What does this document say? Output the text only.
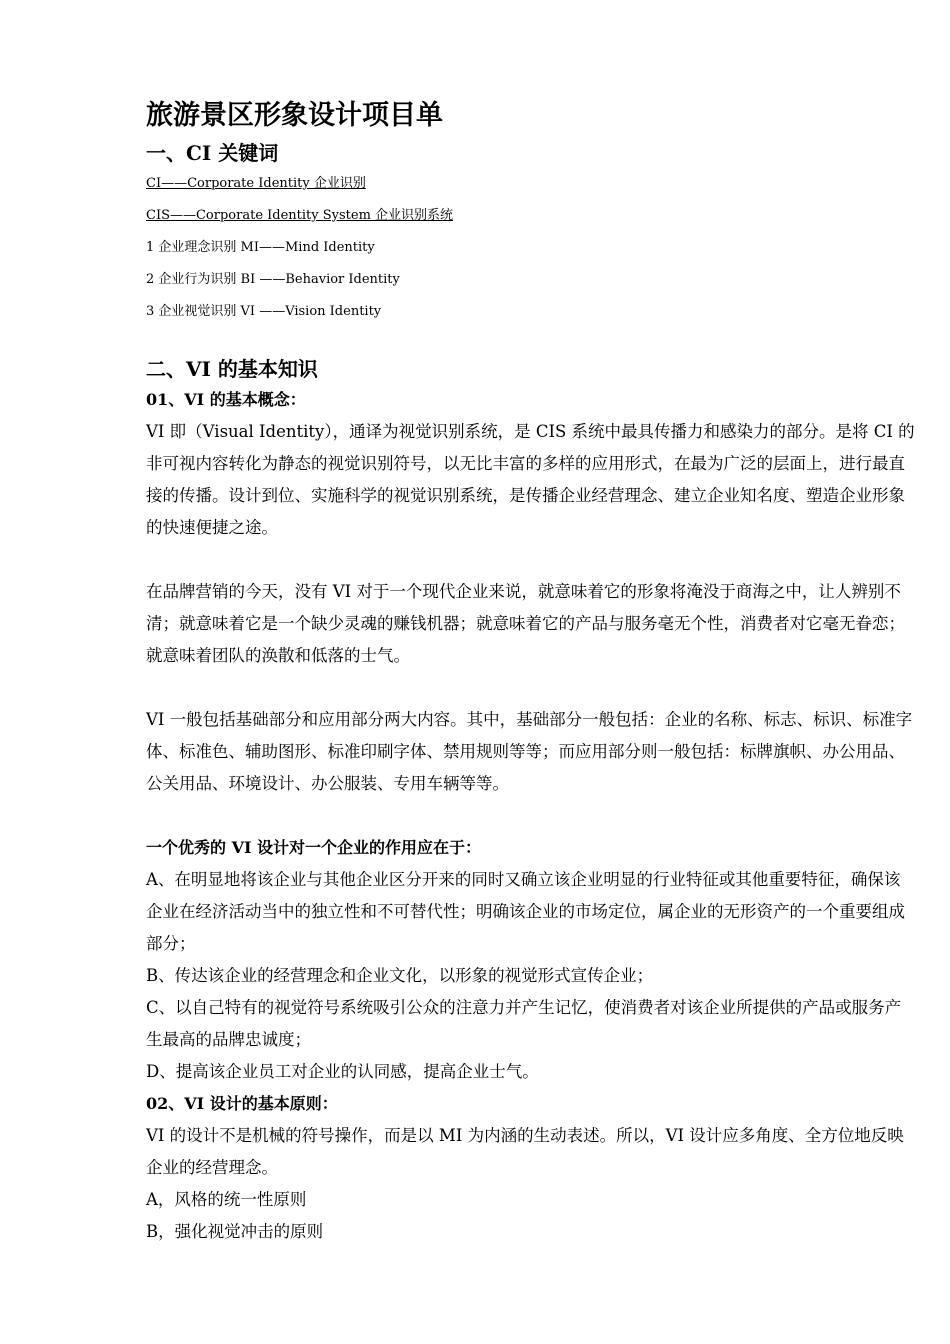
旅游景区形象设计项目单
一、CI 关键词

CI——Corporate Identity 企业识别

CIS——Corporate Identity System 企业识别系统

1 企业理念识别 MI——Mind Identity

2 企业行为识别 BI ——Behavior Identity

3 企业视觉识别 VI ——Vision Identity

二、VI 的基本知识

01、VI 的基本概念：

VI 即（Visual Identity），通译为视觉识别系统，是 CIS 系统中最具传播力和感染力的部分。是将 CI 的非可视内容转化为静态的视觉识别符号，以无比丰富的多样的应用形式，在最为广泛的层面上，进行最直接的传播。设计到位、实施科学的视觉识别系统，是传播企业经营理念、建立企业知名度、塑造企业形象的快速便捷之途。

在品牌营销的今天，没有 VI 对于一个现代企业来说，就意味着它的形象将淹没于商海之中，让人辨别不清；就意味着它是一个缺少灵魂的赚钱机器；就意味着它的产品与服务毫无个性，消费者对它毫无眷恋；就意味着团队的涣散和低落的士气。

VI 一般包括基础部分和应用部分两大内容。其中，基础部分一般包括：企业的名称、标志、标识、标准字体、标准色、辅助图形、标准印刷字体、禁用规则等等；而应用部分则一般包括：标牌旗帜、办公用品、公关用品、环境设计、办公服装、专用车辆等等。

一个优秀的 VI 设计对一个企业的作用应在于：

A、在明显地将该企业与其他企业区分开来的同时又确立该企业明显的行业特征或其他重要特征，确保该企业在经济活动当中的独立性和不可替代性；明确该企业的市场定位，属企业的无形资产的一个重要组成部分；

B、传达该企业的经营理念和企业文化，以形象的视觉形式宣传企业；

C、以自己特有的视觉符号系统吸引公众的注意力并产生记忆，使消费者对该企业所提供的产品或服务产生最高的品牌忠诚度；

D、提高该企业员工对企业的认同感，提高企业士气。

02、VI 设计的基本原则：

VI 的设计不是机械的符号操作，而是以 MI 为内涵的生动表述。所以，VI 设计应多角度、全方位地反映企业的经营理念。

A，风格的统一性原则

B，强化视觉冲击的原则
